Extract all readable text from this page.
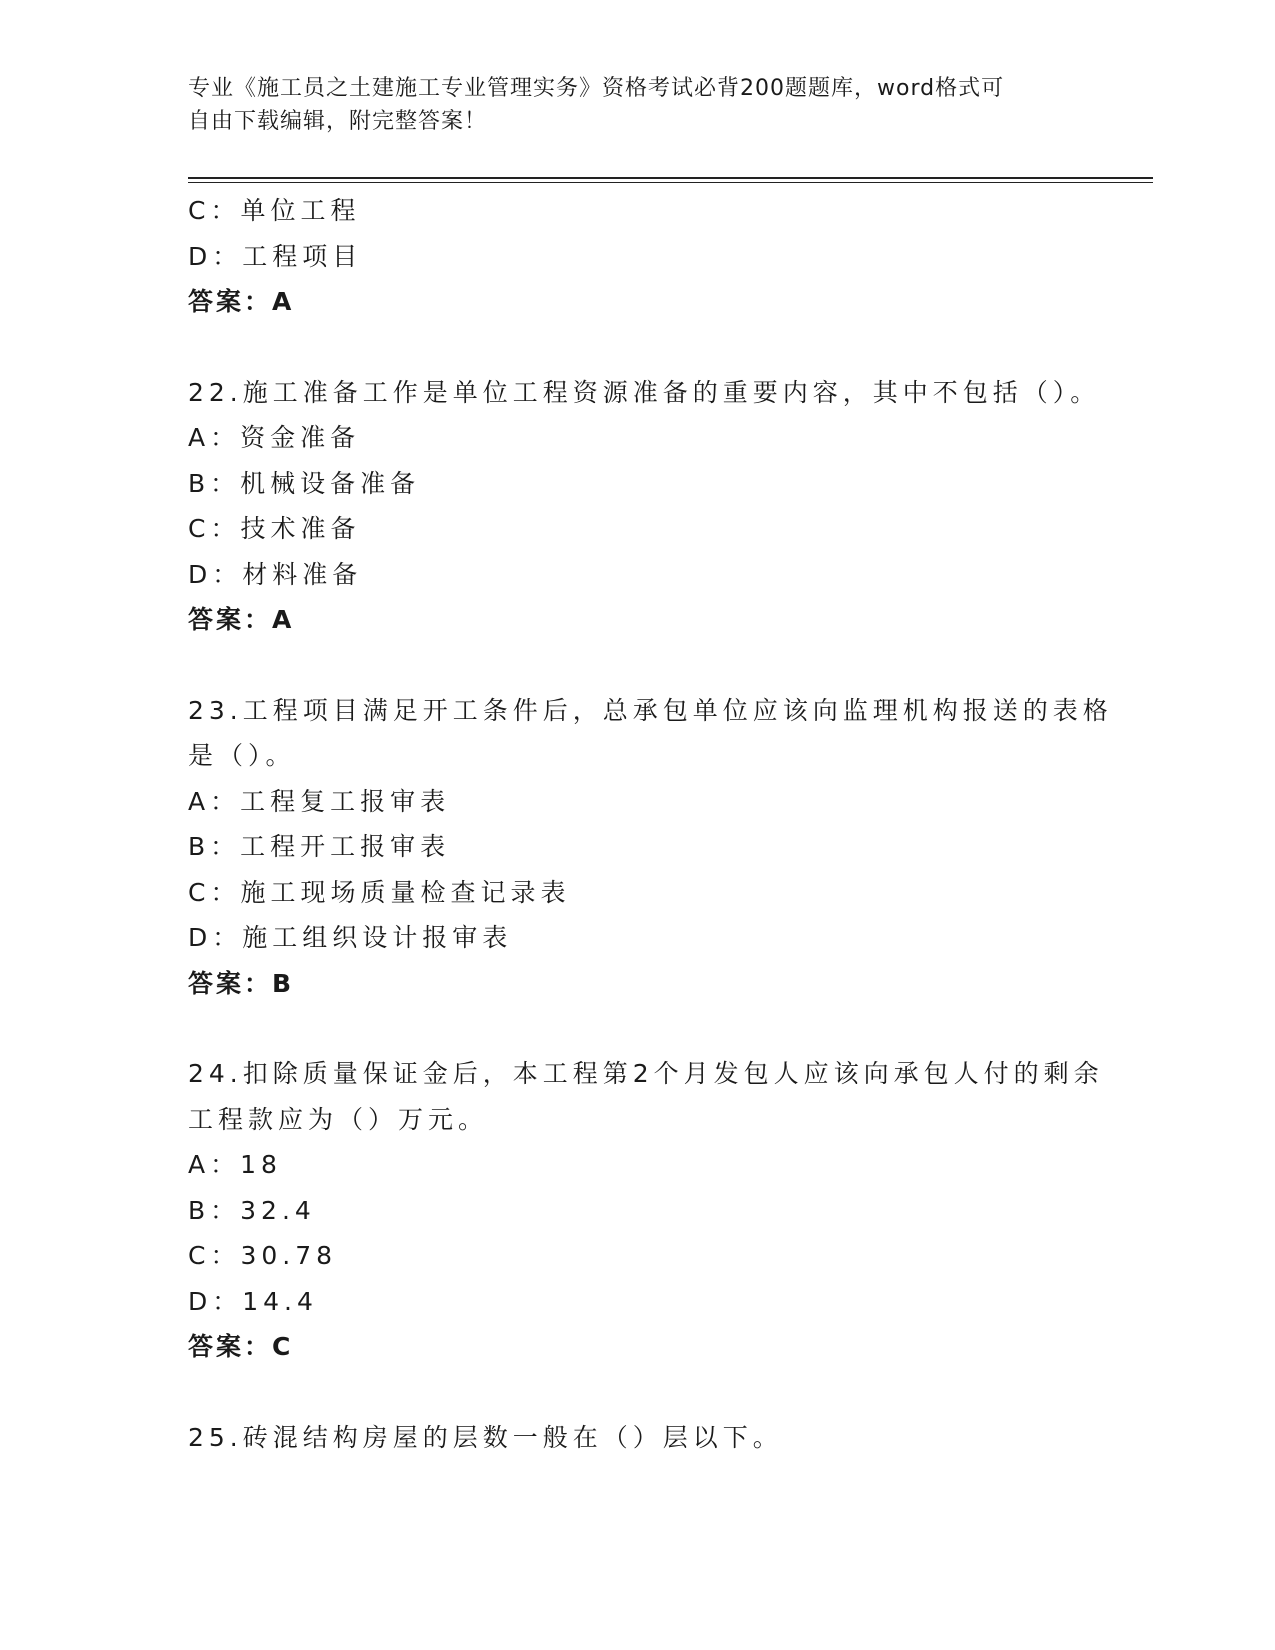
专业《施工员之土建施工专业管理实务》资格考试必背200题题库，word格式可
自由下载编辑，附完整答案！
C：单位工程
D：工程项目
答案：A
22.施工准备工作是单位工程资源准备的重要内容，其中不包括（）。
A：资金准备
B：机械设备准备
C：技术准备
D：材料准备
答案：A
23.工程项目满足开工条件后，总承包单位应该向监理机构报送的表格
是（）。
A：工程复工报审表
B：工程开工报审表
C：施工现场质量检查记录表
D：施工组织设计报审表
答案：B
24.扣除质量保证金后，本工程第2个月发包人应该向承包人付的剩余
工程款应为（）万元。
A：18
B：32.4
C：30.78
D：14.4
答案：C
25.砖混结构房屋的层数一般在（）层以下。
